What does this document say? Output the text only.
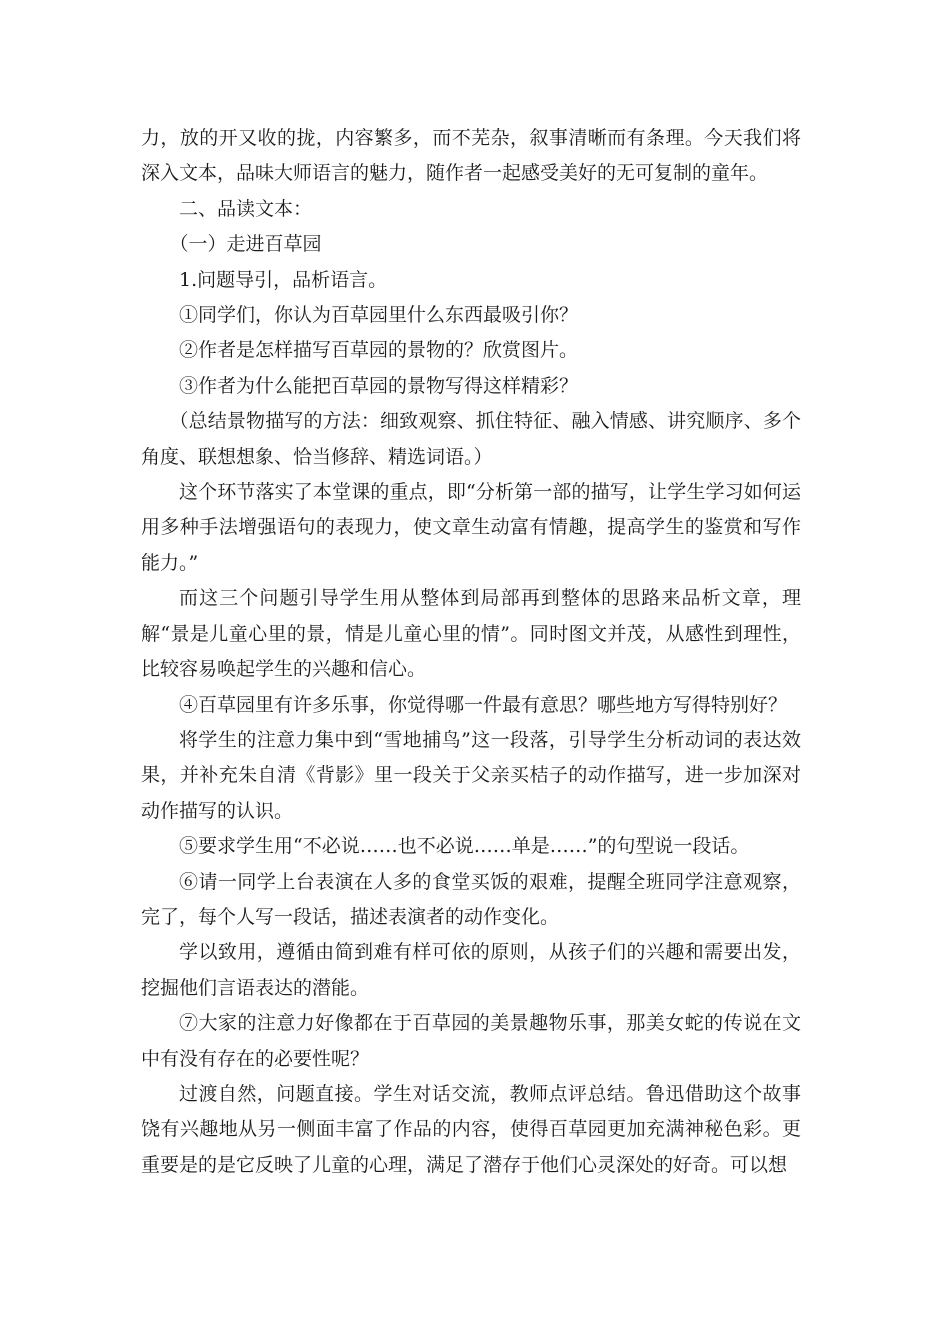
力，放的开又收的拢，内容繁多，而不芜杂，叙事清晰而有条理。今天我们将深入文本，品味大师语言的魅力，随作者一起感受美好的无可复制的童年。

二、品读文本：

（一）走进百草园

1.问题导引，品析语言。

①同学们，你认为百草园里什么东西最吸引你？

②作者是怎样描写百草园的景物的？欣赏图片。

③作者为什么能把百草园的景物写得这样精彩？

（总结景物描写的方法：细致观察、抓住特征、融入情感、讲究顺序、多个角度、联想想象、恰当修辞、精选词语。）

这个环节落实了本堂课的重点，即“分析第一部的描写，让学生学习如何运用多种手法增强语句的表现力，使文章生动富有情趣，提高学生的鉴赏和写作能力。”

而这三个问题引导学生用从整体到局部再到整体的思路来品析文章，理解“景是儿童心里的景，情是儿童心里的情”。同时图文并茂，从感性到理性，比较容易唤起学生的兴趣和信心。

④百草园里有许多乐事，你觉得哪一件最有意思？哪些地方写得特别好？

将学生的注意力集中到“雪地捕鸟”这一段落，引导学生分析动词的表达效果，并补充朱自清《背影》里一段关于父亲买桔子的动作描写，进一步加深对动作描写的认识。

⑤要求学生用“不必说……也不必说……单是……”的句型说一段话。

⑥请一同学上台表演在人多的食堂买饭的艰难，提醒全班同学注意观察，完了，每个人写一段话，描述表演者的动作变化。

学以致用，遵循由简到难有样可依的原则，从孩子们的兴趣和需要出发，挖掘他们言语表达的潜能。

⑦大家的注意力好像都在于百草园的美景趣物乐事，那美女蛇的传说在文中有没有存在的必要性呢？

过渡自然，问题直接。学生对话交流，教师点评总结。鲁迅借助这个故事饶有兴趣地从另一侧面丰富了作品的内容，使得百草园更加充满神秘色彩。更重要是的是它反映了儿童的心理，满足了潜存于他们心灵深处的好奇。可以想
